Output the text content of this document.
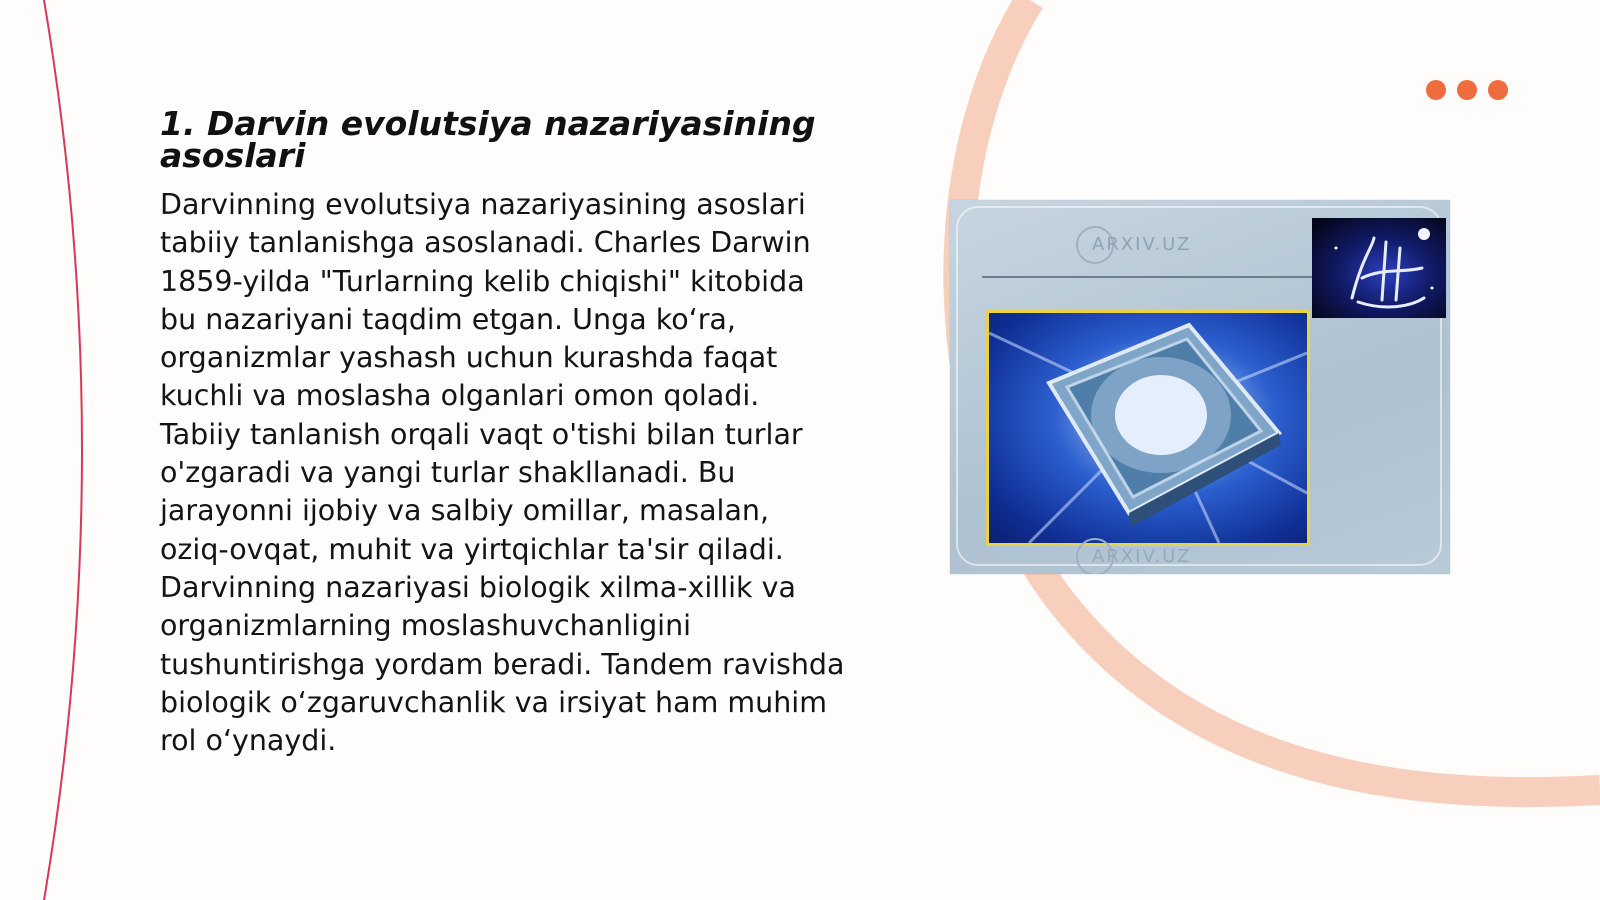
1. Darvin evolutsiya nazariyasining asoslari

Darvinning evolutsiya nazariyasining asoslari tabiiy tanlanishga asoslanadi. Charles Darwin 1859-yilda "Turlarning kelib chiqishi" kitobida bu nazariyani taqdim etgan. Unga ko‘ra, organizmlar yashash uchun kurashda faqat kuchli va moslasha olganlari omon qoladi. Tabiiy tanlanish orqali vaqt o'tishi bilan turlar o'zgaradi va yangi turlar shakllanadi. Bu jarayonni ijobiy va salbiy omillar, masalan, oziq-ovqat, muhit va yirtqichlar ta'sir qiladi. Darvinning nazariyasi biologik xilma-xillik va organizmlarning moslashuvchanligini tushuntirishga yordam beradi. Tandem ravishda biologik o‘zgaruvchanlik va irsiyat ham muhim rol o‘ynaydi.

ARXIV.UZ
ARXIV.UZ
